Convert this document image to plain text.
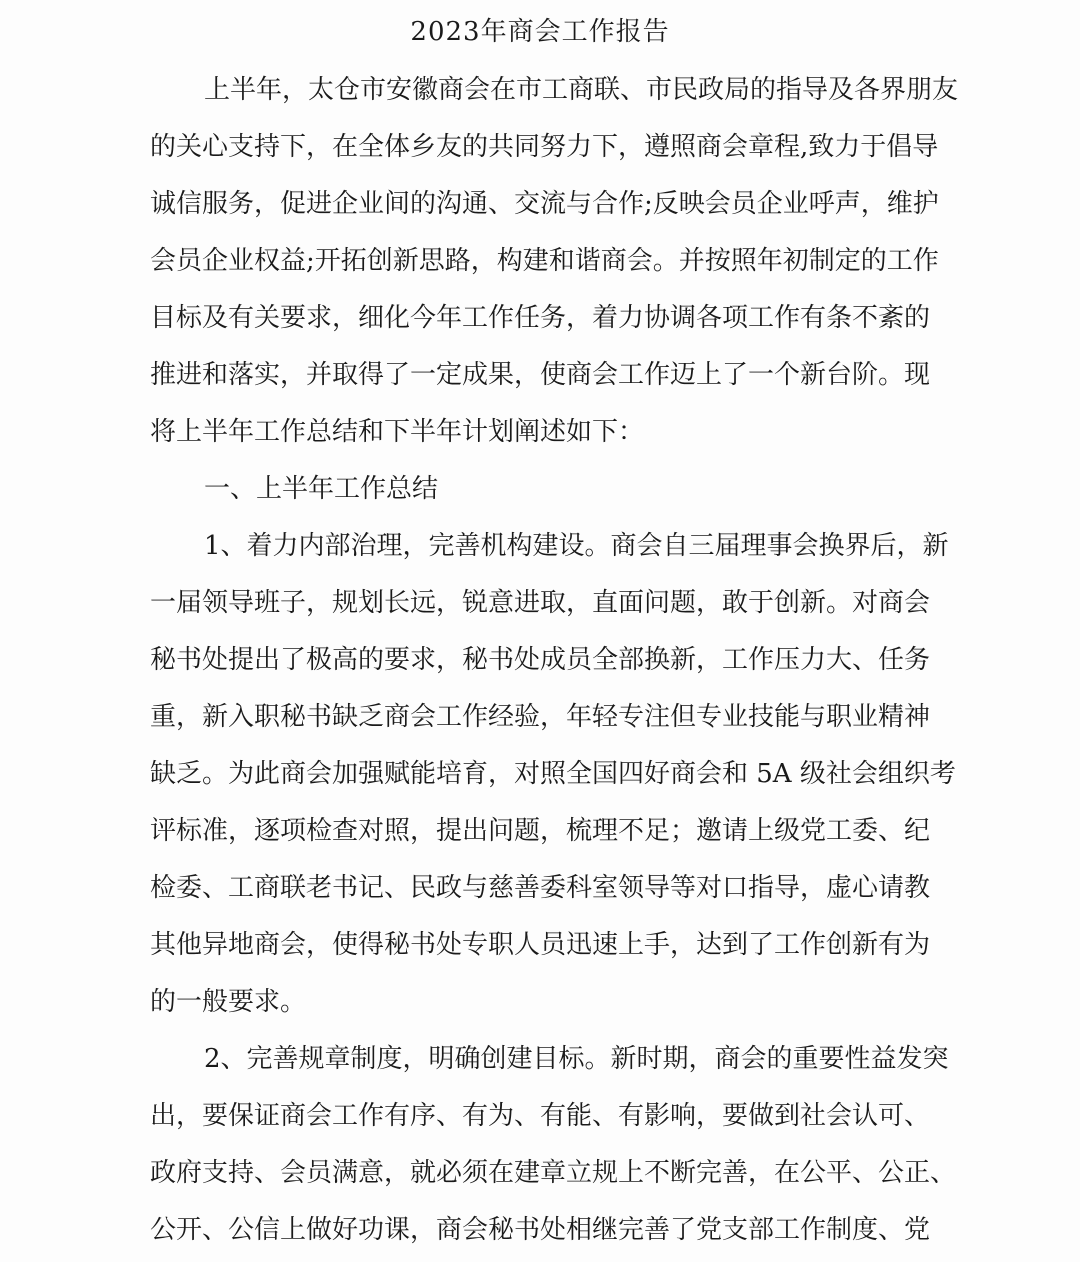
2023年商会工作报告
上半年，太仓市安徽商会在市工商联、市民政局的指导及各界朋友
的关心支持下，在全体乡友的共同努力下，遵照商会章程,致力于倡导
诚信服务，促进企业间的沟通、交流与合作;反映会员企业呼声，维护
会员企业权益;开拓创新思路，构建和谐商会。并按照年初制定的工作
目标及有关要求，细化今年工作任务，着力协调各项工作有条不紊的
推进和落实，并取得了一定成果，使商会工作迈上了一个新台阶。现
将上半年工作总结和下半年计划阐述如下：
一、上半年工作总结
1、着力内部治理，完善机构建设。商会自三届理事会换界后，新
一届领导班子，规划长远，锐意进取，直面问题，敢于创新。对商会
秘书处提出了极高的要求，秘书处成员全部换新，工作压力大、任务
重，新入职秘书缺乏商会工作经验，年轻专注但专业技能与职业精神
缺乏。为此商会加强赋能培育，对照全国四好商会和 5A 级社会组织考
评标准，逐项检查对照，提出问题，梳理不足；邀请上级党工委、纪
检委、工商联老书记、民政与慈善委科室领导等对口指导，虚心请教
其他异地商会，使得秘书处专职人员迅速上手，达到了工作创新有为
的一般要求。
2、完善规章制度，明确创建目标。新时期，商会的重要性益发突
出，要保证商会工作有序、有为、有能、有影响，要做到社会认可、
政府支持、会员满意，就必须在建章立规上不断完善，在公平、公正、
公开、公信上做好功课，商会秘书处相继完善了党支部工作制度、党
